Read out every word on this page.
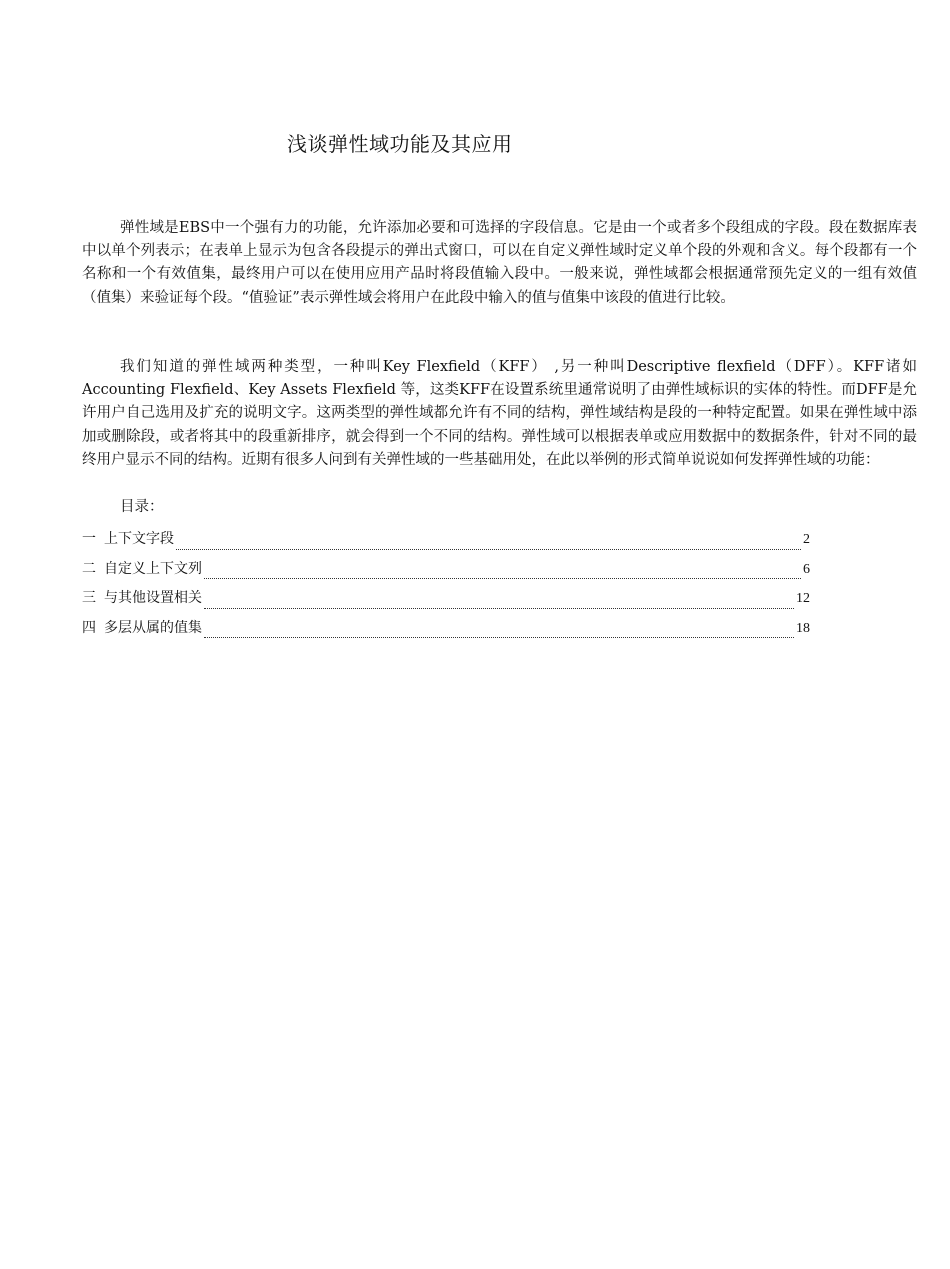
浅谈弹性域功能及其应用

弹性域是EBS中一个强有力的功能，允许添加必要和可选择的字段信息。它是由一个或者多个段组成的字段。段在数据库表中以单个列表示；在表单上显示为包含各段提示的弹出式窗口，可以在自定义弹性域时定义单个段的外观和含义。每个段都有一个名称和一个有效值集，最终用户可以在使用应用产品时将段值输入段中。一般来说，弹性域都会根据通常预先定义的一组有效值（值集）来验证每个段。“值验证”表示弹性域会将用户在此段中输入的值与值集中该段的值进行比较。

我们知道的弹性域两种类型，一种叫Key Flexfield（KFF） ,另一种叫Descriptive flexfield（DFF）。KFF诸如Accounting Flexfield、Key Assets Flexfield 等，这类KFF在设置系统里通常说明了由弹性域标识的实体的特性。而DFF是允许用户自己选用及扩充的说明文字。这两类型的弹性域都允许有不同的结构，弹性域结构是段的一种特定配置。如果在弹性域中添加或删除段，或者将其中的段重新排序，就会得到一个不同的结构。弹性域可以根据表单或应用数据中的数据条件，针对不同的最终用户显示不同的结构。近期有很多人问到有关弹性域的一些基础用处，在此以举例的形式简单说说如何发挥弹性域的功能：

目录：
一 上下文字段	2
二 自定义上下文列	6
三 与其他设置相关	12
四 多层从属的值集	18
